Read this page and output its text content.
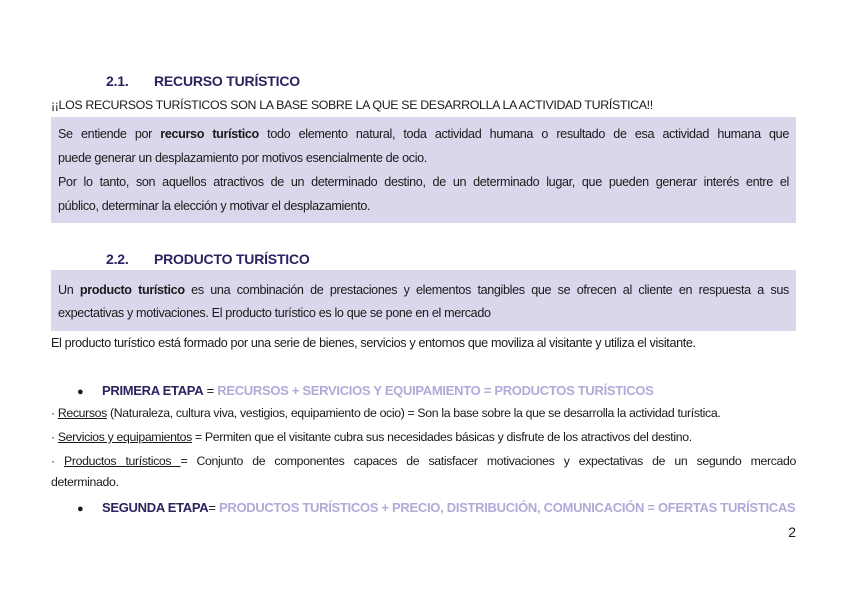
2.1. RECURSO TURÍSTICO
¡¡LOS RECURSOS TURÍSTICOS SON LA BASE SOBRE LA QUE SE DESARROLLA LA ACTIVIDAD TURÍSTICA!!
Se entiende por recurso turístico todo elemento natural, toda actividad humana o resultado de esa actividad humana que
puede generar un desplazamiento por motivos esencialmente de ocio.
Por lo tanto, son aquellos atractivos de un determinado destino, de un determinado lugar, que pueden generar interés entre el
público, determinar la elección y motivar el desplazamiento.
2.2. PRODUCTO TURÍSTICO
Un producto turístico es una combinación de prestaciones y elementos tangibles que se ofrecen al cliente en respuesta a sus
expectativas y motivaciones. El producto turístico es lo que se pone en el mercado
El producto turístico está formado por una serie de bienes, servicios y entornos que moviliza al visitante y utiliza el visitante.
● PRIMERA ETAPA = RECURSOS + SERVICIOS Y EQUIPAMIENTO = PRODUCTOS TURÍSTICOS
· Recursos (Naturaleza, cultura viva, vestigios, equipamiento de ocio) = Son la base sobre la que se desarrolla la actividad turística.
· Servicios y equipamientos = Permiten que el visitante cubra sus necesidades básicas y disfrute de los atractivos del destino.
· Productos turísticos = Conjunto de componentes capaces de satisfacer motivaciones y expectativas de un segundo mercado
determinado.
● SEGUNDA ETAPA= PRODUCTOS TURÍSTICOS + PRECIO, DISTRIBUCIÓN, COMUNICACIÓN = OFERTAS TURÍSTICAS
2
